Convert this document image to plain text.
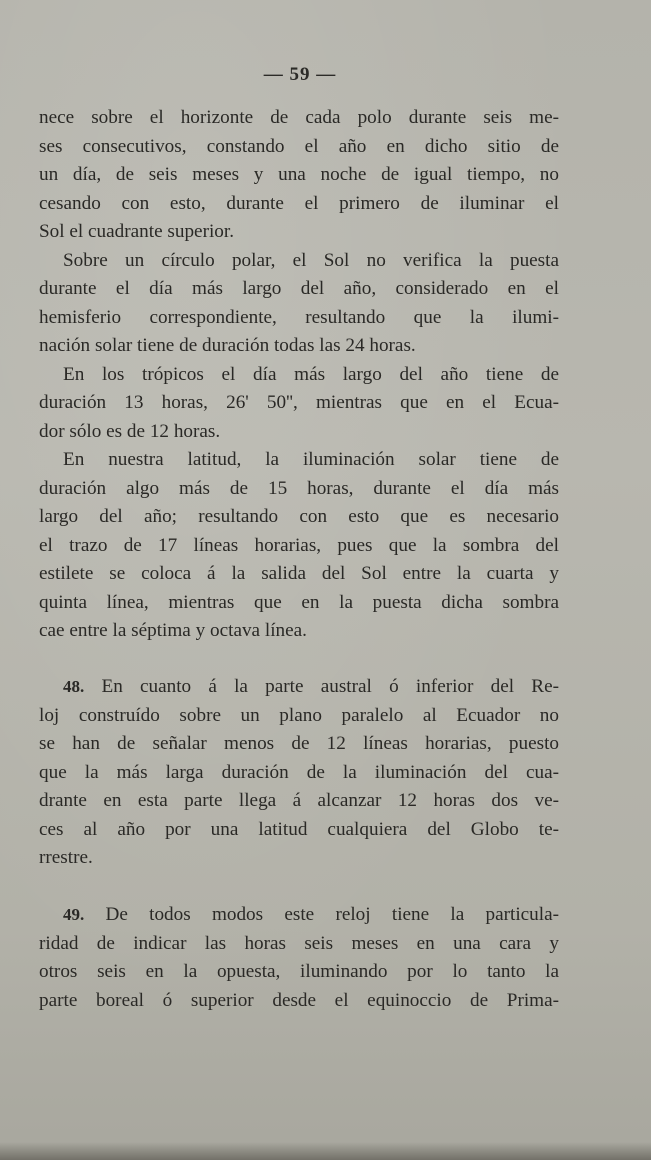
— 59 —
nece sobre el horizonte de cada polo durante seis me-
ses consecutivos, constando el año en dicho sitio de
un día, de seis meses y una noche de igual tiempo, no
cesando con esto, durante el primero de iluminar el
Sol el cuadrante superior.
Sobre un círculo polar, el Sol no verifica la puesta
durante el día más largo del año, considerado en el
hemisferio correspondiente, resultando que la ilumi-
nación solar tiene de duración todas las 24 horas.
En los trópicos el día más largo del año tiene de
duración 13 horas, 26' 50'', mientras que en el Ecua-
dor sólo es de 12 horas.
En nuestra latitud, la iluminación solar tiene de
duración algo más de 15 horas, durante el día más
largo del año; resultando con esto que es necesario
el trazo de 17 líneas horarias, pues que la sombra del
estilete se coloca á la salida del Sol entre la cuarta y
quinta línea, mientras que en la puesta dicha sombra
cae entre la séptima y octava línea.
48. En cuanto á la parte austral ó inferior del Re-
loj construído sobre un plano paralelo al Ecuador no
se han de señalar menos de 12 líneas horarias, puesto
que la más larga duración de la iluminación del cua-
drante en esta parte llega á alcanzar 12 horas dos ve-
ces al año por una latitud cualquiera del Globo te-
rrestre.
49. De todos modos este reloj tiene la particula-
ridad de indicar las horas seis meses en una cara y
otros seis en la opuesta, iluminando por lo tanto la
parte boreal ó superior desde el equinoccio de Prima-
